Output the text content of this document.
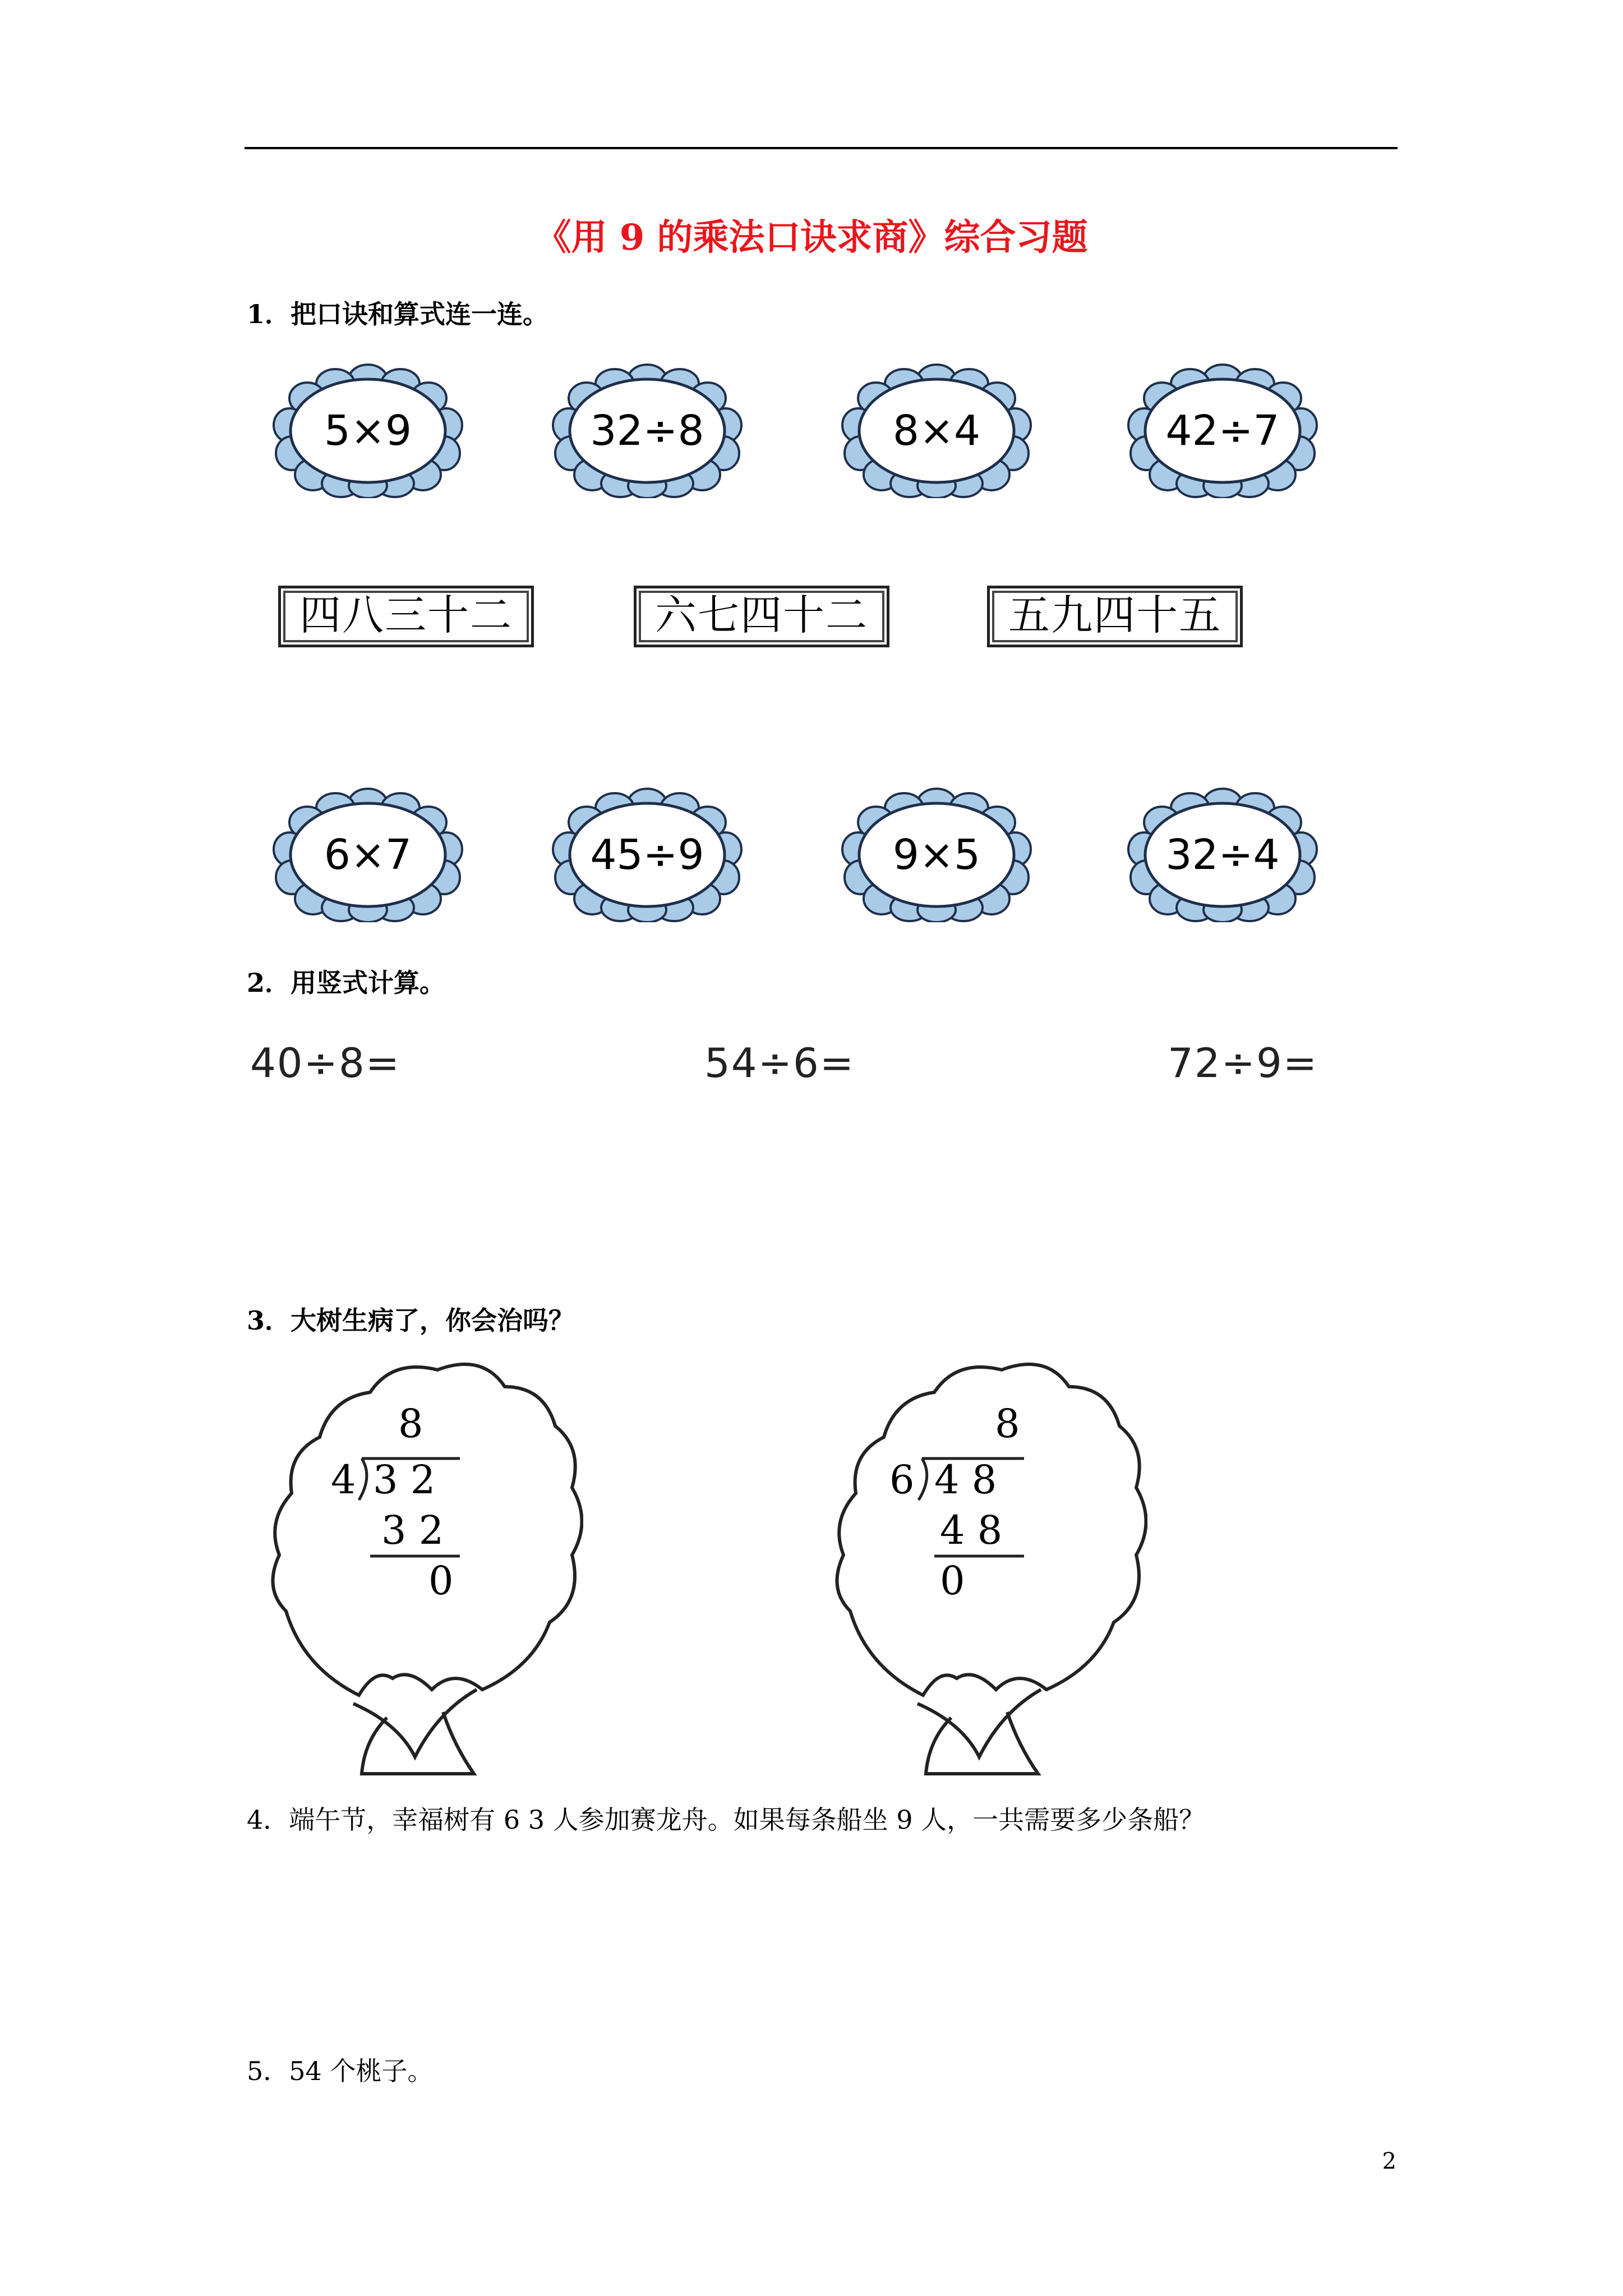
《用 9 的乘法口诀求商》综合习题
1．把口诀和算式连一连。
5×9	32÷8	8×4	42÷7
四八三十二	六七四十二	五九四十五
6×7	45÷9	9×5	32÷4
2．用竖式计算。
40÷8=	54÷6=	72÷9=
3．大树生病了，你会治吗？
8
4 3 2
3 2
0
8
6 4 8
4 8
0
4．端午节，幸福树有 6 3 人参加赛龙舟。如果每条船坐 9 人，一共需要多少条船？
5．54 个桃子。
2
